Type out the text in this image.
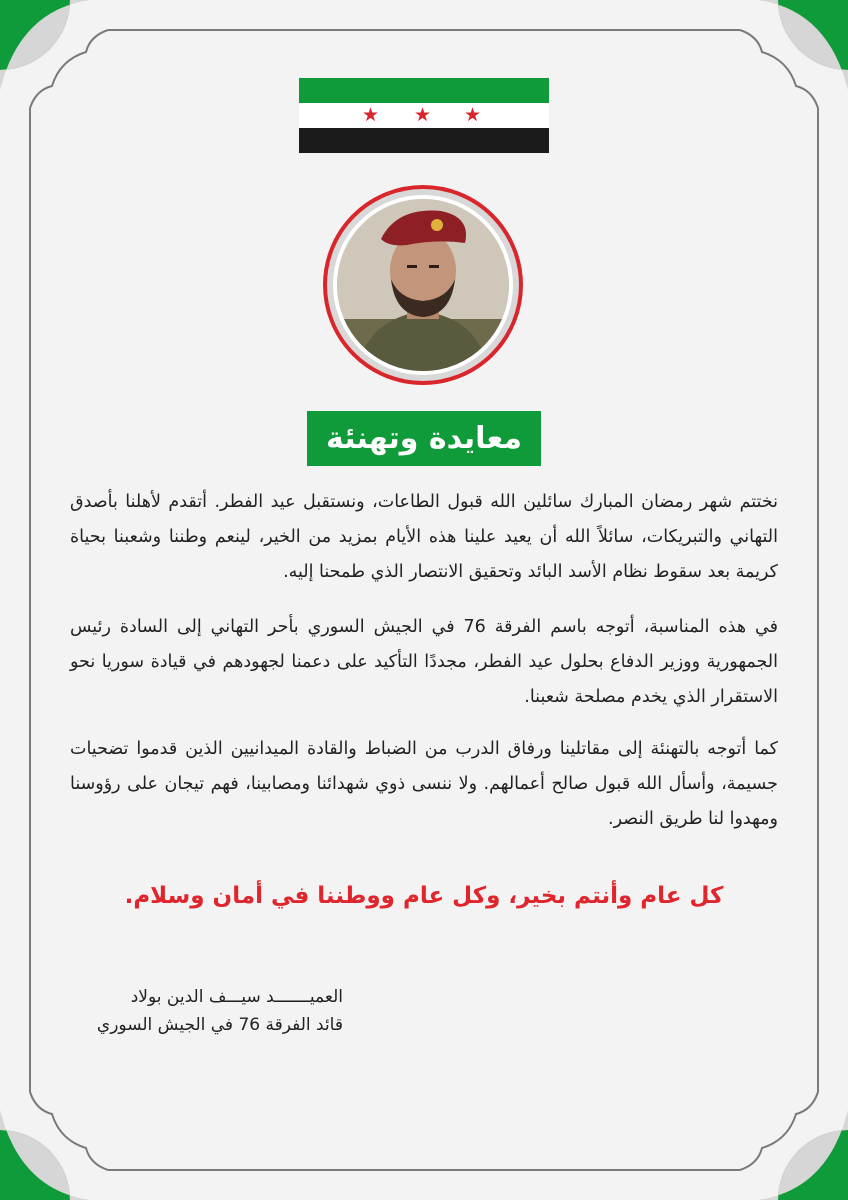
★ ★ ★
معايدة وتهنئة
نختتم شهر رمضان المبارك سائلين الله قبول الطاعات، ونستقبل عيد الفطر. أتقدم لأهلنا بأصدق التهاني والتبريكات، سائلاً الله أن يعيد علينا هذه الأيام بمزيد من الخير، لينعم وطننا وشعبنا بحياة كريمة بعد سقوط نظام الأسد البائد وتحقيق الانتصار الذي طمحنا إليه.
في هذه المناسبة، أتوجه باسم الفرقة 76 في الجيش السوري بأحر التهاني إلى السادة رئيس الجمهورية ووزير الدفاع بحلول عيد الفطر، مجددًا التأكيد على دعمنا لجهودهم في قيادة سوريا نحو الاستقرار الذي يخدم مصلحة شعبنا.
كما أتوجه بالتهنئة إلى مقاتلينا ورفاق الدرب من الضباط والقادة الميدانيين الذين قدموا تضحيات جسيمة، وأسأل الله قبول صالح أعمالهم. ولا ننسى ذوي شهدائنا ومصابينا، فهم تيجان على رؤوسنا ومهدوا لنا طريق النصر.
كل عام وأنتم بخير، وكل عام ووطننا في أمان وسلام.
العميـــــــد سيـــف الدين بولاد
قائد الفرقة 76 في الجيش السوري
